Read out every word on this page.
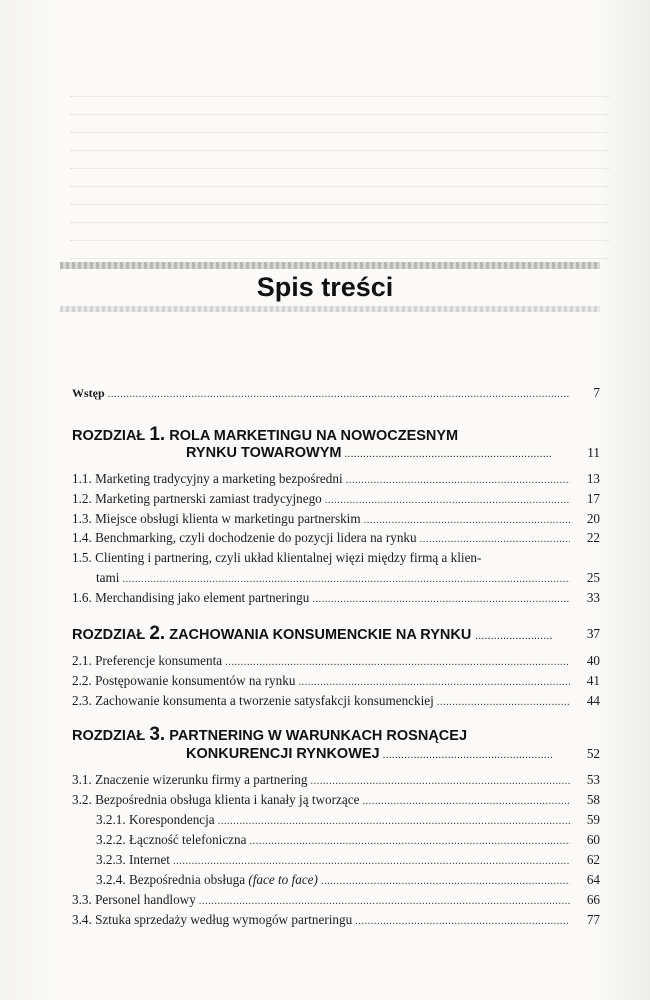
Spis treści
Wstęp .....	7
ROZDZIAŁ 1. ROLA MARKETINGU NA NOWOCZESNYM
RYNKU TOWAROWYM .....	11
1.1. Marketing tradycyjny a marketing bezpośredni .....	13
1.2. Marketing partnerski zamiast tradycyjnego .....	17
1.3. Miejsce obsługi klienta w marketingu partnerskim .....	20
1.4. Benchmarking, czyli dochodzenie do pozycji lidera na rynku .....	22
1.5. Clienting i partnering, czyli układ klientalnej więzi między firmą a klien-
tami .....	25
1.6. Merchandising jako element partneringu .....	33
ROZDZIAŁ 2. ZACHOWANIA KONSUMENCKIE NA RYNKU .....	37
2.1. Preferencje konsumenta .....	40
2.2. Postępowanie konsumentów na rynku .....	41
2.3. Zachowanie konsumenta a tworzenie satysfakcji konsumenckiej .....	44
ROZDZIAŁ 3. PARTNERING W WARUNKACH ROSNĄCEJ
KONKURENCJI RYNKOWEJ .....	52
3.1. Znaczenie wizerunku firmy a partnering .....	53
3.2. Bezpośrednia obsługa klienta i kanały ją tworzące .....	58
3.2.1. Korespondencja .....	59
3.2.2. Łączność telefoniczna .....	60
3.2.3. Internet .....	62
3.2.4. Bezpośrednia obsługa (face to face) .....	64
3.3. Personel handlowy .....	66
3.4. Sztuka sprzedaży według wymogów partneringu .....	77
